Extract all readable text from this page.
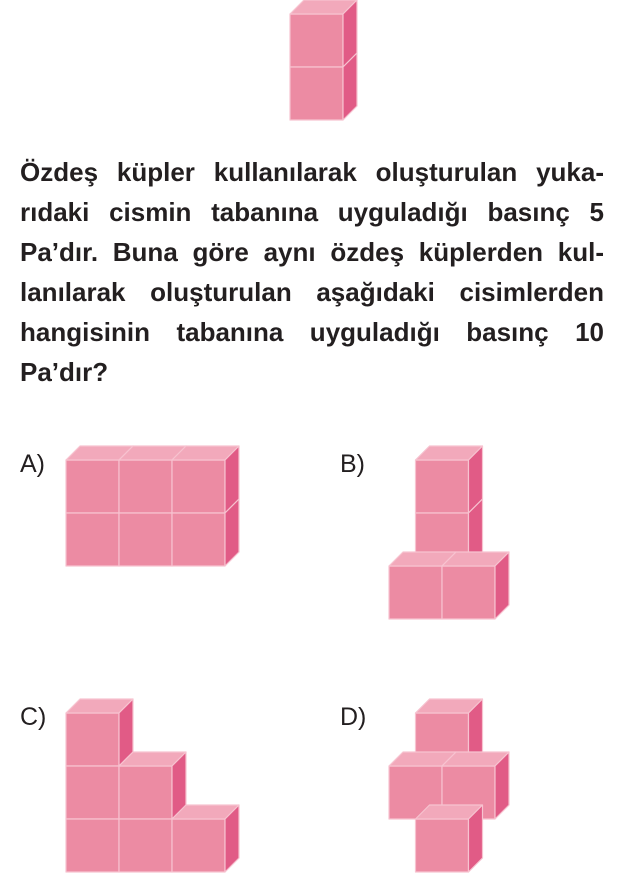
Özdeş küpler kullanılarak oluşturulan yuka-
rıdaki cismin tabanına uyguladığı basınç 5
Pa’dır. Buna göre aynı özdeş küplerden kul-
lanılarak oluşturulan aşağıdaki cisimlerden
hangisinin tabanına uyguladığı basınç 10
Pa’dır?
A)	B)
C)	D)
